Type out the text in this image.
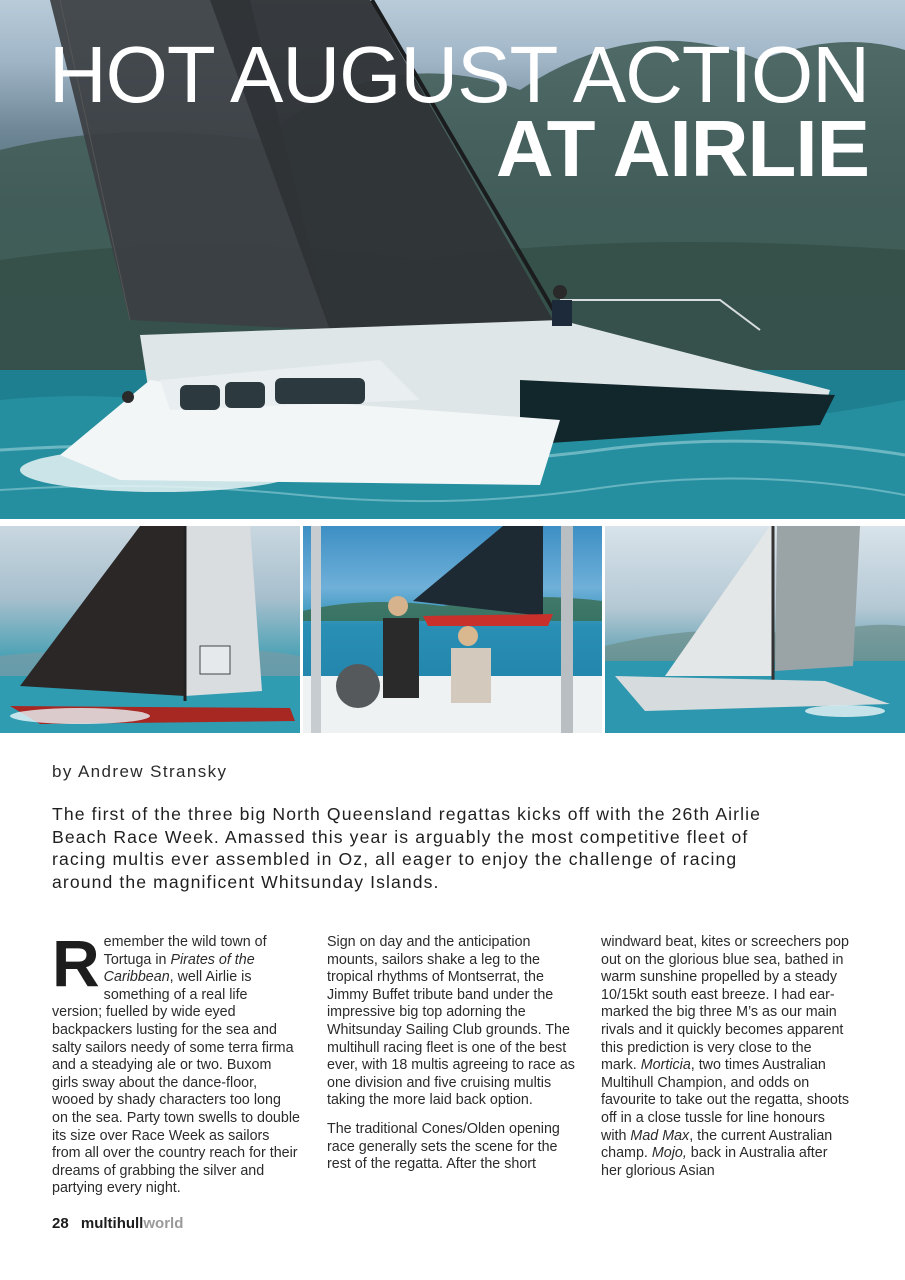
HOT AUGUST ACTION
AT AIRLIE
by Andrew Stransky
The first of the three big North Queensland regattas kicks off with the 26th Airlie Beach Race Week. Amassed this year is arguably the most competitive fleet of racing multis ever assembled in Oz, all eager to enjoy the challenge of racing around the magnificent Whitsunday Islands.

Remember the wild town of Tortuga in Pirates of the Caribbean, well Airlie is something of a real life version; fuelled by wide eyed backpackers lusting for the sea and salty sailors needy of some terra firma and a steadying ale or two. Buxom girls sway about the dance-floor, wooed by shady characters too long on the sea. Party town swells to double its size over Race Week as sailors from all over the country reach for their dreams of grabbing the silver and partying every night.

Sign on day and the anticipation mounts, sailors shake a leg to the tropical rhythms of Montserrat, the Jimmy Buffet tribute band under the impressive big top adorning the Whitsunday Sailing Club grounds. The multihull racing fleet is one of the best ever, with 18 multis agreeing to race as one division and five cruising multis taking the more laid back option.

The traditional Cones/Olden opening race generally sets the scene for the rest of the regatta. After the short

windward beat, kites or screechers pop out on the glorious blue sea, bathed in warm sunshine propelled by a steady 10/15kt south east breeze. I had ear-marked the big three M’s as our main rivals and it quickly becomes apparent this prediction is very close to the mark. Morticia, two times Australian Multihull Champion, and odds on favourite to take out the regatta, shoots off in a close tussle for line honours with Mad Max, the current Australian champ. Mojo, back in Australia after her glorious Asian

28 multihullworld
